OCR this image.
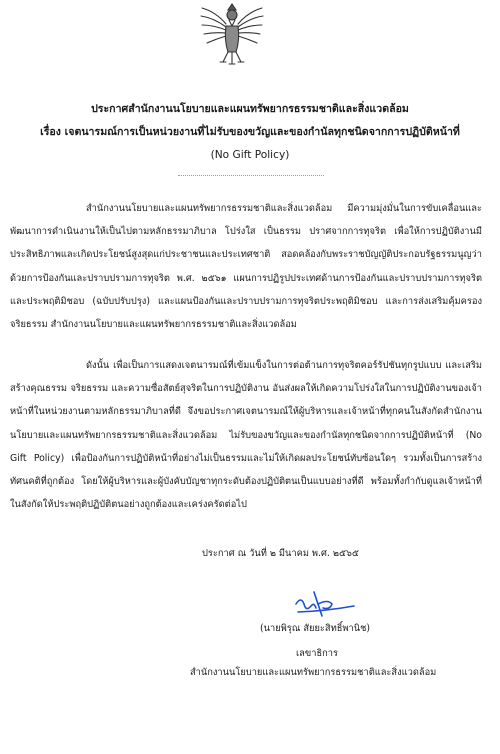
ประกาศสำนักงานนโยบายและแผนทรัพยากรธรรมชาติและสิ่งแวดล้อม
เรื่อง เจตนารมณ์การเป็นหน่วยงานที่ไม่รับของขวัญและของกำนัลทุกชนิดจากการปฏิบัติหน้าที่
(No Gift Policy)
สำนักงานนโยบายและแผนทรัพยากรธรรมชาติและสิ่งแวดล้อม มีความมุ่งมั่นในการขับเคลื่อนและพัฒนาการดำเนินงานให้เป็นไปตามหลักธรรมาภิบาล โปร่งใส เป็นธรรม ปราศจากการทุจริต เพื่อให้การปฏิบัติงานมีประสิทธิภาพและเกิดประโยชน์สูงสุดแก่ประชาชนและประเทศชาติ สอดคล้องกับพระราชบัญญัติประกอบรัฐธรรมนูญว่าด้วยการป้องกันและปราบปรามการทุจริต พ.ศ. ๒๕๖๑ แผนการปฏิรูปประเทศด้านการป้องกันและปราบปรามการทุจริตและประพฤติมิชอบ (ฉบับปรับปรุง) และแผนป้องกันและปราบปรามการทุจริตประพฤติมิชอบ และการส่งเสริมคุ้มครองจริยธรรม สำนักงานนโยบายและแผนทรัพยากรธรรมชาติและสิ่งแวดล้อม
ดังนั้น เพื่อเป็นการแสดงเจตนารมณ์ที่เข้มแข็งในการต่อต้านการทุจริตคอร์รัปชันทุกรูปแบบ และเสริมสร้างคุณธรรม จริยธรรม และความซื่อสัตย์สุจริตในการปฏิบัติงาน อันส่งผลให้เกิดความโปร่งใสในการปฏิบัติงานของเจ้าหน้าที่ในหน่วยงานตามหลักธรรมาภิบาลที่ดี จึงขอประกาศเจตนารมณ์ให้ผู้บริหารและเจ้าหน้าที่ทุกคนในสังกัดสำนักงานนโยบายและแผนทรัพยากรธรรมชาติและสิ่งแวดล้อม ไม่รับของขวัญและของกำนัลทุกชนิดจากการปฏิบัติหน้าที่ (No Gift Policy) เพื่อป้องกันการปฏิบัติหน้าที่อย่างไม่เป็นธรรมและไม่ให้เกิดผลประโยชน์ทับซ้อนใดๆ รวมทั้งเป็นการสร้างทัศนคติที่ถูกต้อง โดยให้ผู้บริหารและผู้บังคับบัญชาทุกระดับต้องปฏิบัติตนเป็นแบบอย่างที่ดี พร้อมทั้งกำกับดูแลเจ้าหน้าที่ในสังกัดให้ประพฤติปฏิบัติตนอย่างถูกต้องและเคร่งครัดต่อไป
ประกาศ ณ วันที่ ๒ มีนาคม พ.ศ. ๒๕๖๕
(นายพิรุณ สัยยะสิทธิ์พานิช)
เลขาธิการ
สำนักงานนโยบายและแผนทรัพยากรธรรมชาติและสิ่งแวดล้อม
